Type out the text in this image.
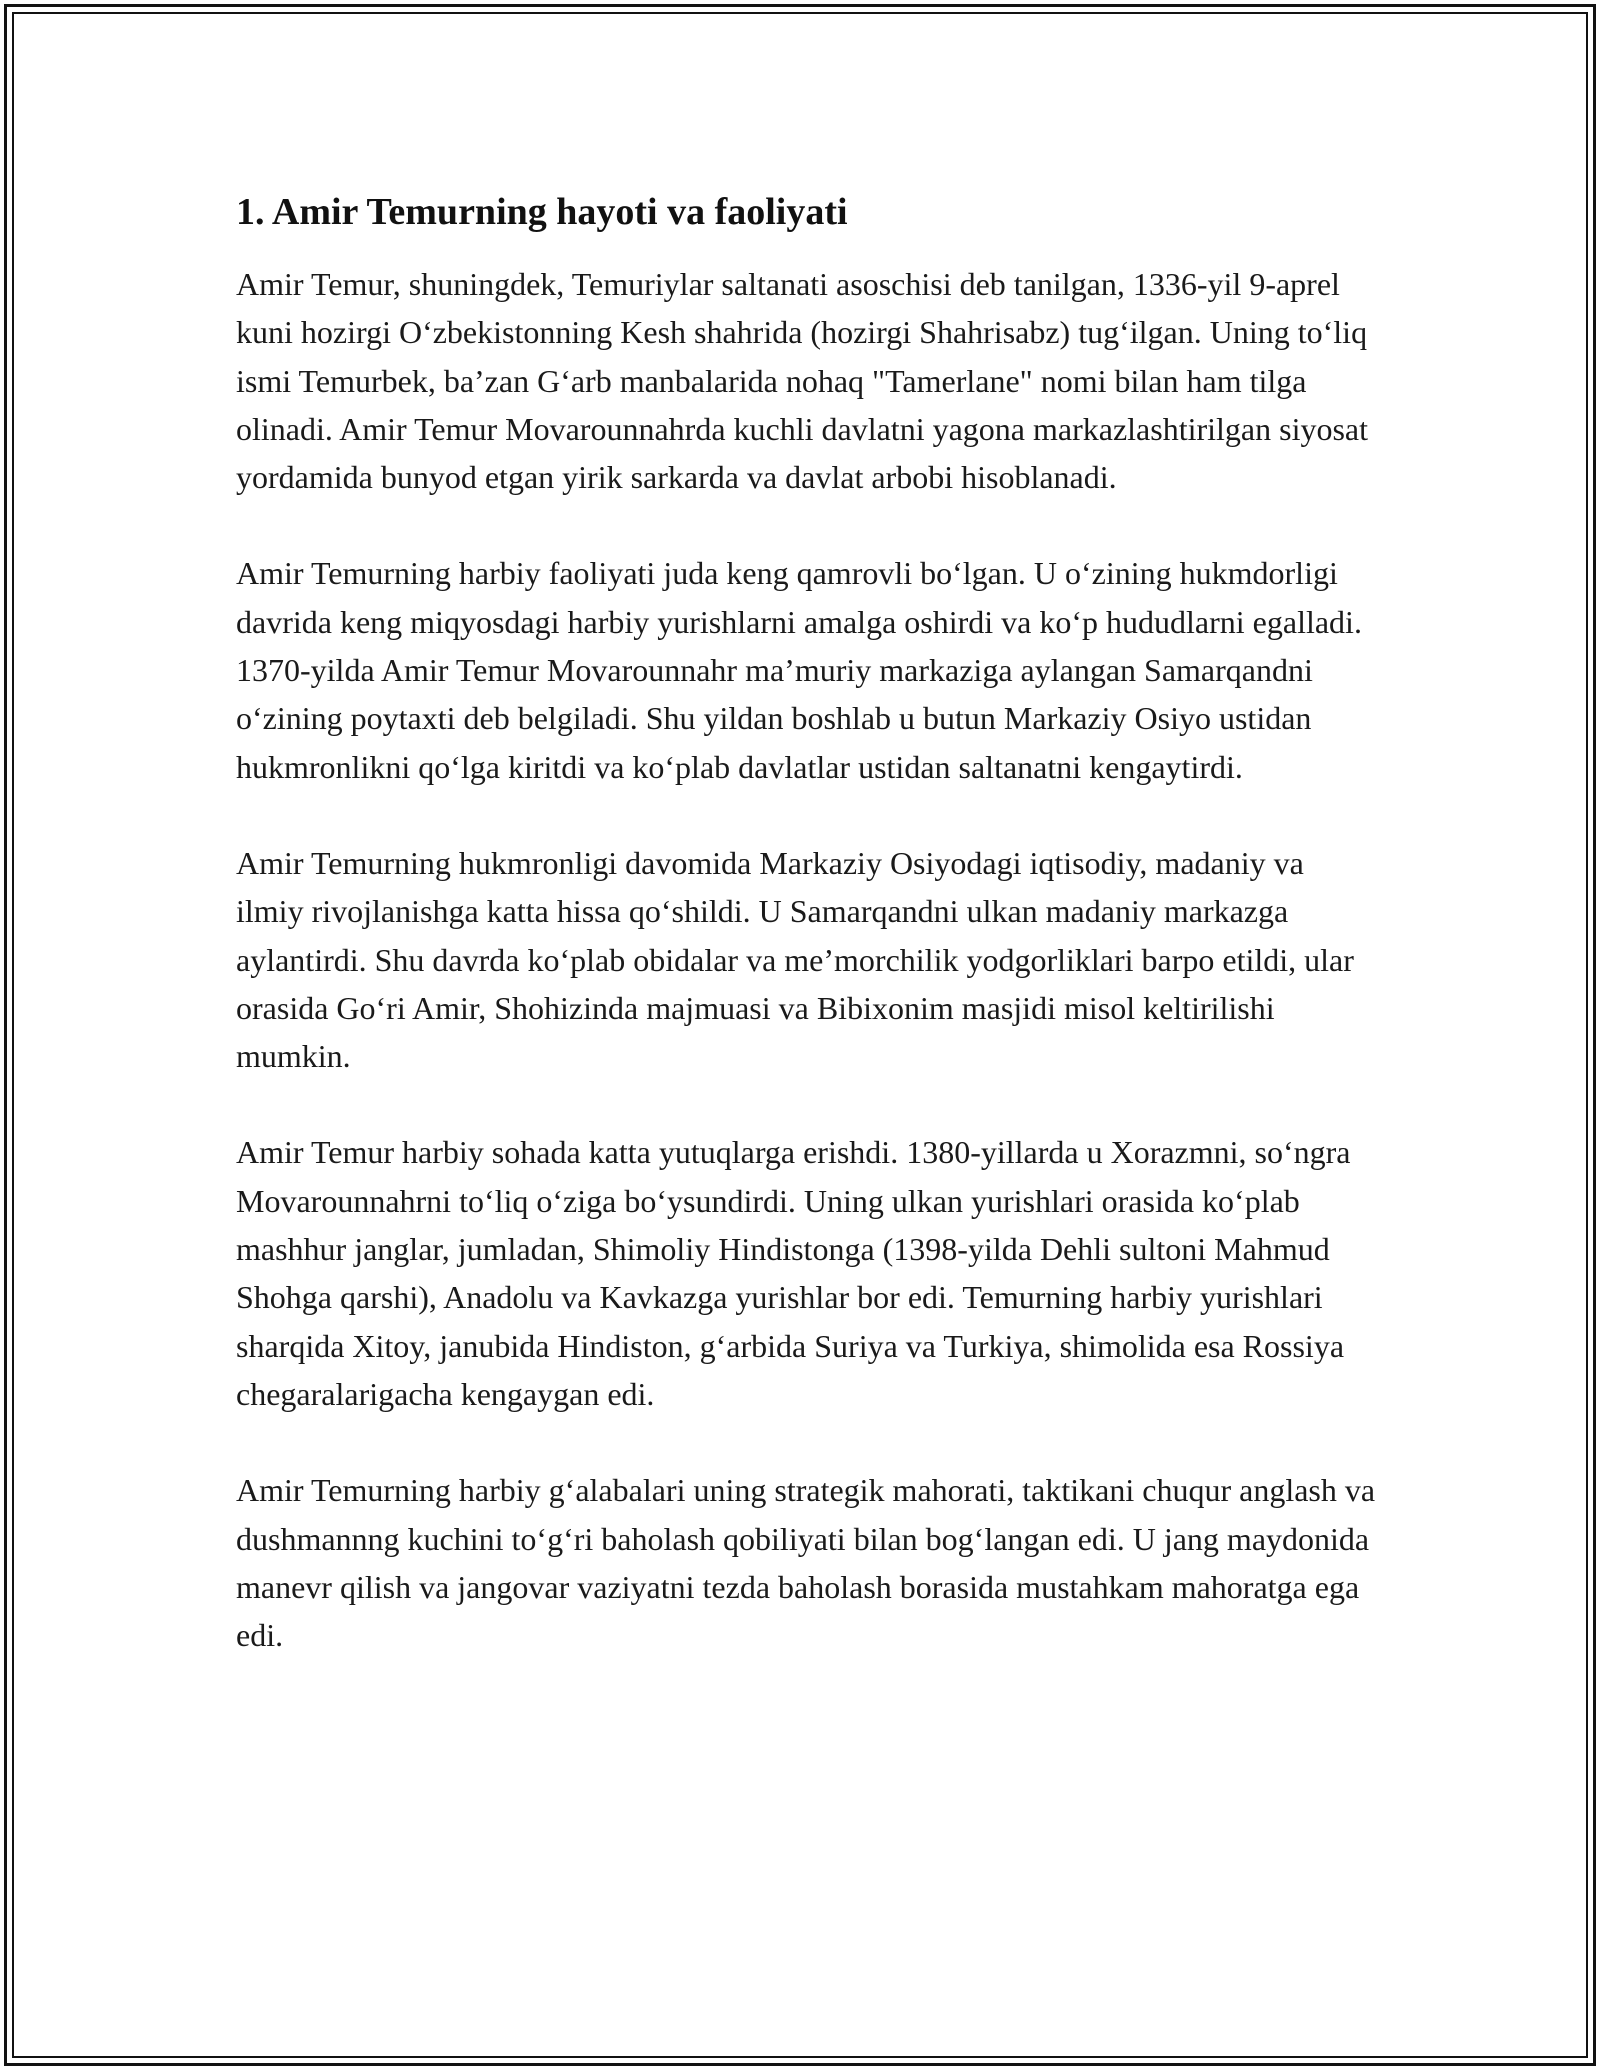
1. Amir Temurning hayoti va faoliyati

Amir Temur, shuningdek, Temuriylar saltanati asoschisi deb tanilgan, 1336-yil 9-aprel kuni hozirgi O‘zbekistonning Kesh shahrida (hozirgi Shahrisabz) tug‘ilgan. Uning to‘liq ismi Temurbek, ba’zan G‘arb manbalarida nohaq "Tamerlane" nomi bilan ham tilga olinadi. Amir Temur Movarounnahrda kuchli davlatni yagona markazlashtirilgan siyosat yordamida bunyod etgan yirik sarkarda va davlat arbobi hisoblanadi.

Amir Temurning harbiy faoliyati juda keng qamrovli bo‘lgan. U o‘zining hukmdorligi davrida keng miqyosdagi harbiy yurishlarni amalga oshirdi va ko‘p hududlarni egalladi. 1370-yilda Amir Temur Movarounnahr ma’muriy markaziga aylangan Samarqandni o‘zining poytaxti deb belgiladi. Shu yildan boshlab u butun Markaziy Osiyo ustidan hukmronlikni qo‘lga kiritdi va ko‘plab davlatlar ustidan saltanatni kengaytirdi.

Amir Temurning hukmronligi davomida Markaziy Osiyodagi iqtisodiy, madaniy va ilmiy rivojlanishga katta hissa qo‘shildi. U Samarqandni ulkan madaniy markazga aylantirdi. Shu davrda ko‘plab obidalar va me’morchilik yodgorliklari barpo etildi, ular orasida Go‘ri Amir, Shohizinda majmuasi va Bibixonim masjidi misol keltirilishi mumkin.

Amir Temur harbiy sohada katta yutuqlarga erishdi. 1380-yillarda u Xorazmni, so‘ngra Movarounnahrni to‘liq o‘ziga bo‘ysundirdi. Uning ulkan yurishlari orasida ko‘plab mashhur janglar, jumladan, Shimoliy Hindistonga (1398-yilda Dehli sultoni Mahmud Shohga qarshi), Anadolu va Kavkazga yurishlar bor edi. Temurning harbiy yurishlari sharqida Xitoy, janubida Hindiston, g‘arbida Suriya va Turkiya, shimolida esa Rossiya chegaralarigacha kengaygan edi.

Amir Temurning harbiy g‘alabalari uning strategik mahorati, taktikani chuqur anglash va dushmannng kuchini to‘g‘ri baholash qobiliyati bilan bog‘langan edi. U jang maydonida manevr qilish va jangovar vaziyatni tezda baholash borasida mustahkam mahoratga ega edi.
